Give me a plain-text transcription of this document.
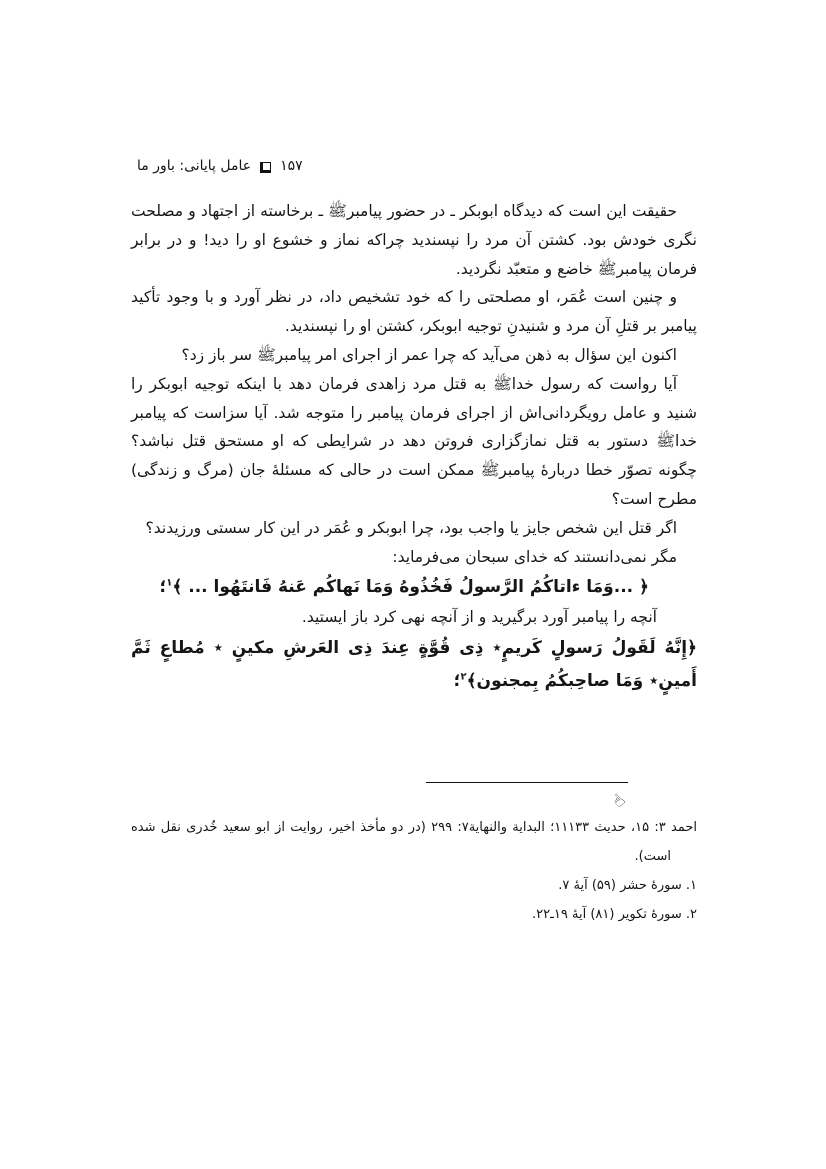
عامل پایانی: باور ما ۱۵۷

حقیقت این است که دیدگاه ابوبکر ـ در حضور پیامبرﷺ ـ برخاسته از اجتهاد و مصلحت نگری خودش بود. کشتن آن مرد را نپسندید چراکه نماز و خشوع او را دید! و در برابر فرمان پیامبرﷺ خاضع و متعبّد نگردید.

و چنین است عُمَر، او مصلحتی را که خود تشخیص داد، در نظر آورد و با وجود تأکید پیامبر بر قتلِ آن مرد و شنیدنِ توجیه ابوبکر، کشتن او را نپسندید.

اکنون این سؤال به ذهن می‌آید که چرا عمر از اجرای امر پیامبرﷺ سر باز زد؟

آیا رواست که رسول خداﷺ به قتل مرد زاهدی فرمان دهد با اینکه توجیه ابوبکر را شنید و عامل رویگردانی‌اش از اجرای فرمان پیامبر را متوجه شد. آیا سزاست که پیامبر خداﷺ دستور به قتل نمازگزاری فروتن دهد در شرایطی که او مستحق قتل نباشد؟ چگونه تصوّر خطا دربارهٔ پیامبرﷺ ممکن است در حالی که مسئلهٔ جان (مرگ و زندگی) مطرح است؟

اگر قتل این شخص جایز یا واجب بود، چرا ابوبکر و عُمَر در این کار سستی ورزیدند؟

مگر نمی‌دانستند که خدای سبحان می‌فرماید:

﴿ ...وَمَا ءاتاكُمُ الرَّسولُ فَخُذُوهُ وَمَا نَهاكُم عَنهُ فَانتَهُوا ... ﴾$^۱$؛

آنچه را پیامبر آورد برگیرید و از آنچه نهی کرد باز ایستید.

﴿إِنَّهُ لَقَولُ رَسولٍ كَريمٍ٭ ذِى قُوَّةٍ عِندَ ذِى العَرشِ مكينٍ ٭ مُطاعٍ ثَمَّ أَمينٍ٭ وَمَا صاحِبكُمُ بِمجنون﴾$^۲$؛

☜

احمد ۳: ۱۵، حدیث ۱۱۱۳۳؛ البدایة والنهایة۷: ۲۹۹ (در دو مأخذ اخیر، روایت از ابو سعید خُدری نقل شده است).

۱. سورهٔ حشر (۵۹) آیهٔ ۷.

۲. سورهٔ تکویر (۸۱) آیهٔ ۱۹ـ۲۲.
